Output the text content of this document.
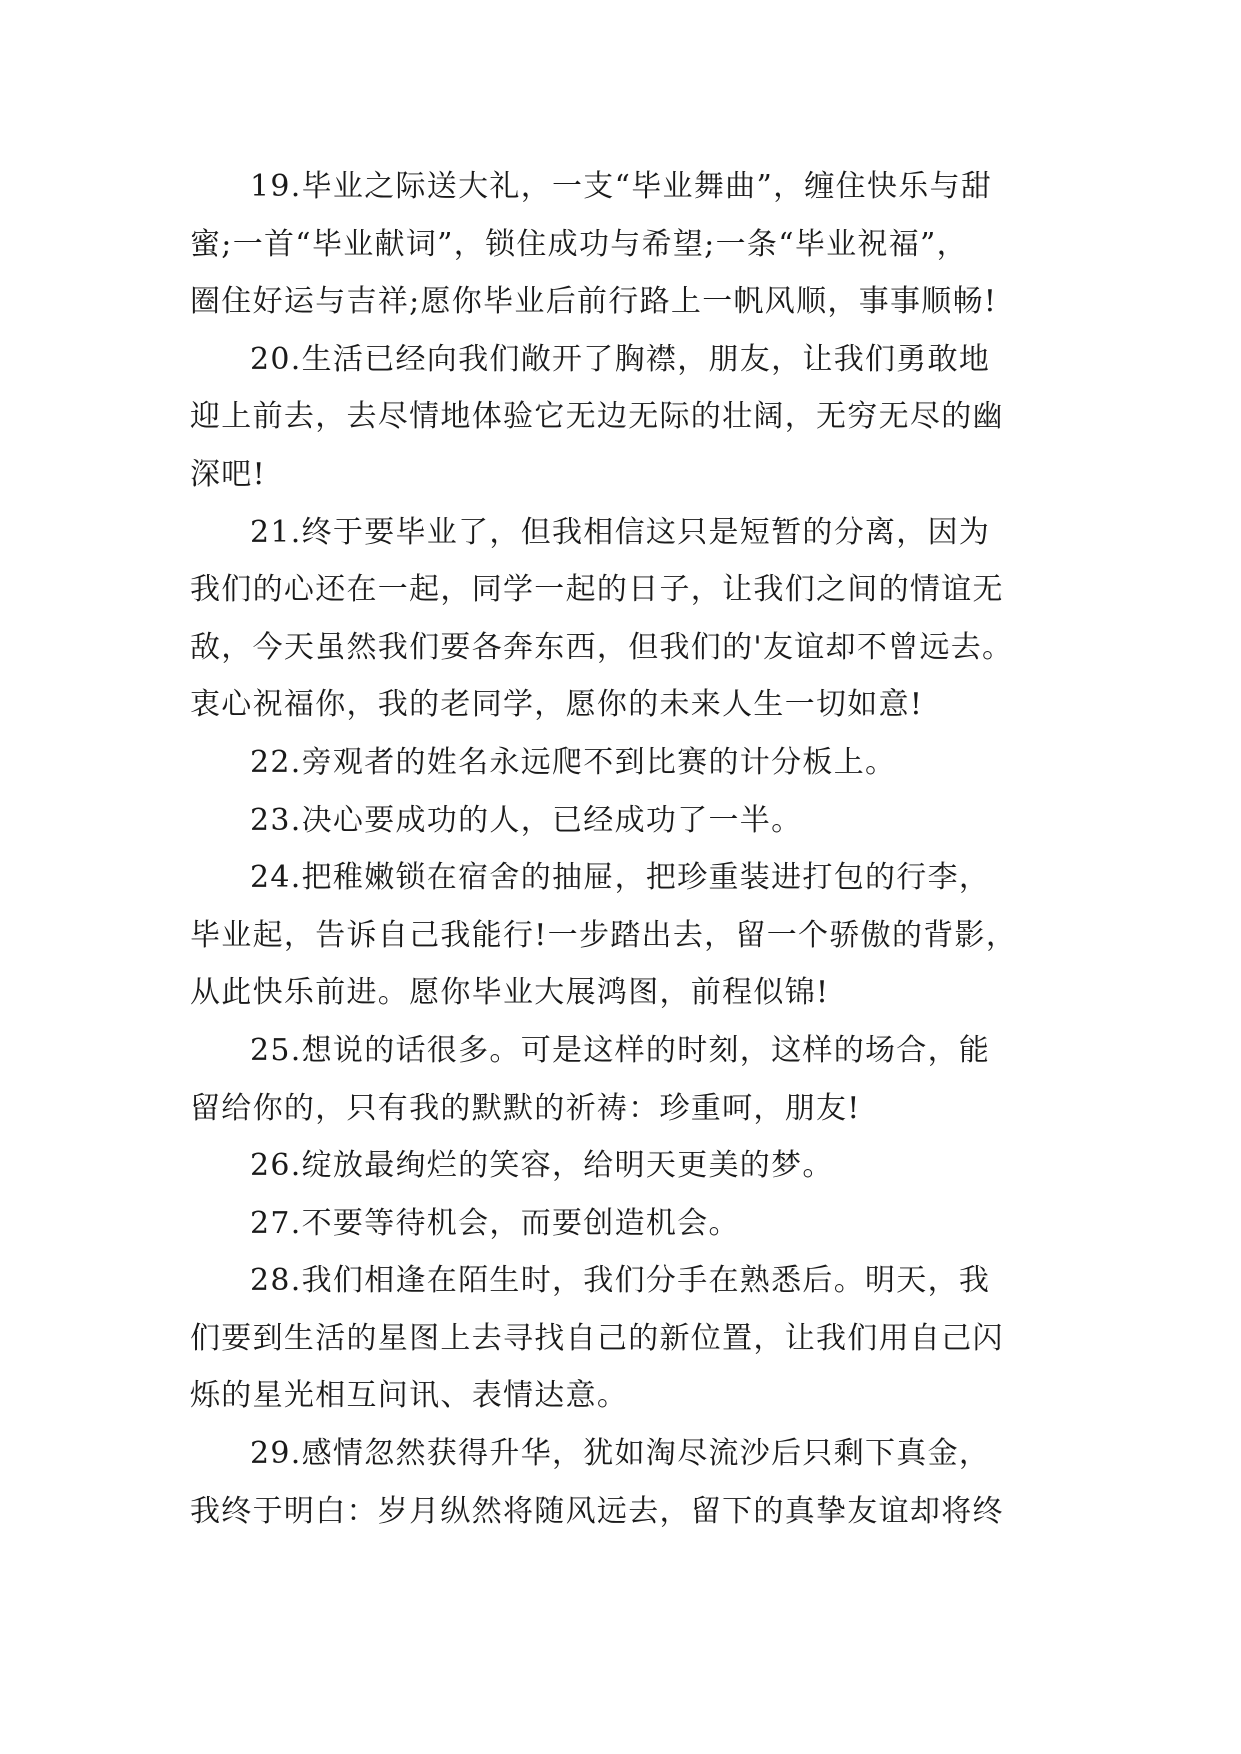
19.毕业之际送大礼，一支“毕业舞曲”，缠住快乐与甜
蜜;一首“毕业献词”，锁住成功与希望;一条“毕业祝福”，
圈住好运与吉祥;愿你毕业后前行路上一帆风顺，事事顺畅!
20.生活已经向我们敞开了胸襟，朋友，让我们勇敢地
迎上前去，去尽情地体验它无边无际的壮阔，无穷无尽的幽
深吧!
21.终于要毕业了，但我相信这只是短暂的分离，因为
我们的心还在一起，同学一起的日子，让我们之间的情谊无
敌，今天虽然我们要各奔东西，但我们的'友谊却不曾远去。
衷心祝福你，我的老同学，愿你的未来人生一切如意!
22.旁观者的姓名永远爬不到比赛的计分板上。
23.决心要成功的人，已经成功了一半。
24.把稚嫩锁在宿舍的抽屉，把珍重装进打包的行李，
毕业起，告诉自己我能行!一步踏出去，留一个骄傲的背影，
从此快乐前进。愿你毕业大展鸿图，前程似锦!
25.想说的话很多。可是这样的时刻，这样的场合，能
留给你的，只有我的默默的祈祷：珍重呵，朋友!
26.绽放最绚烂的笑容，给明天更美的梦。
27.不要等待机会，而要创造机会。
28.我们相逢在陌生时，我们分手在熟悉后。明天，我
们要到生活的星图上去寻找自己的新位置，让我们用自己闪
烁的星光相互问讯、表情达意。
29.感情忽然获得升华，犹如淘尽流沙后只剩下真金，
我终于明白：岁月纵然将随风远去，留下的真挚友谊却将终
